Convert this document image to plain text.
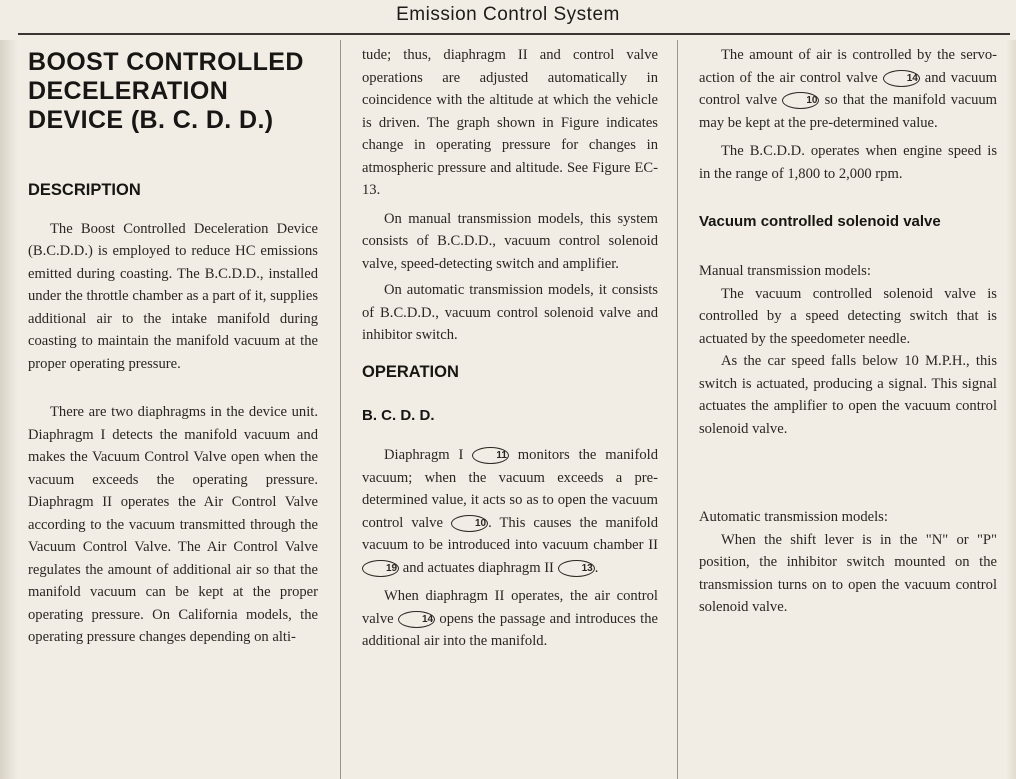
Emission Control System
BOOST CONTROLLED DECELERATION DEVICE (B. C. D. D.)
DESCRIPTION

The Boost Controlled Deceleration Device (B.C.D.D.) is employed to reduce HC emissions emitted during coasting. The B.C.D.D., installed under the throttle chamber as a part of it, supplies additional air to the intake manifold during coasting to maintain the manifold vacuum at the proper operating pressure.

There are two diaphragms in the device unit. Diaphragm I detects the manifold vacuum and makes the Vacuum Control Valve open when the vacuum exceeds the operating pressure. Diaphragm II operates the Air Control Valve according to the vacuum transmitted through the Vacuum Control Valve. The Air Control Valve regulates the amount of additional air so that the manifold vacuum can be kept at the proper operating pressure. On California models, the operating pressure changes depending on alti-

tude; thus, diaphragm II and control valve operations are adjusted automatically in coincidence with the altitude at which the vehicle is driven. The graph shown in Figure indicates change in operating pressure for changes in atmospheric pressure and altitude. See Figure EC-13.

On manual transmission models, this system consists of B.C.D.D., vacuum control solenoid valve, speed-detecting switch and amplifier.

On automatic transmission models, it consists of B.C.D.D., vacuum control solenoid valve and inhibitor switch.

OPERATION
B. C. D. D.

Diaphragm I	11 monitors the manifold vacuum; when the vacuum exceeds a pre-determined value, it acts so as to open the vacuum control valve	10 . This causes the manifold vacuum to be introduced into vacuum chamber II 19 and actuates diaphragm II	13 .

When diaphragm II operates, the air control valve	14 opens the passage and introduces the additional air into the manifold.

The amount of air is controlled by the servo-action of the air control valve	14 and vacuum control valve	10 so that the manifold vacuum may be kept at the pre-determined value.

The B.C.D.D. operates when engine speed is in the range of 1,800 to 2,000 rpm.

Vacuum controlled solenoid valve

Manual transmission models:

The vacuum controlled solenoid valve is controlled by a speed detecting switch that is actuated by the speedometer needle.

As the car speed falls below 10 M.P.H., this switch is actuated, producing a signal. This signal actuates the amplifier to open the vacuum control solenoid valve.

Automatic transmission models:

When the shift lever is in the "N" or "P" position, the inhibitor switch mounted on the transmission turns on to open the vacuum control solenoid valve.
